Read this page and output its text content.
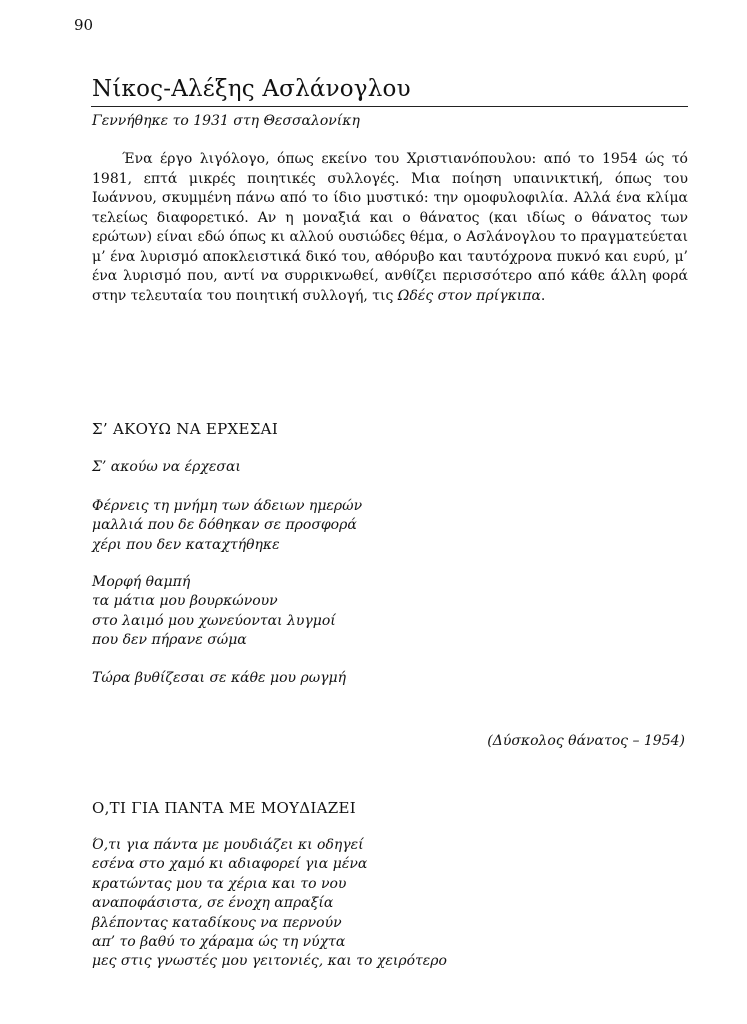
90
Νίκος-Αλέξης Ασλάνογλου
Γεννήθηκε το 1931 στη Θεσσαλονίκη
Ένα έργο λιγόλογο, όπως εκείνο του Χριστιανόπουλου: από το 1954 ώς τό 1981, επτά μικρές ποιητικές συλλογές. Μια ποίηση υπαινικτική, όπως του Ιωάννου, σκυμμένη πάνω από το ίδιο μυστικό: την ομοφυλοφιλία. Αλλά ένα κλίμα τελείως διαφορετικό. Αν η μοναξιά και ο θάνατος (και ιδίως ο θάνατος των ερώτων) είναι εδώ όπως κι αλλού ουσιώδες θέμα, ο Ασλάνογλου το πραγματεύεται μ’ ένα λυρισμό αποκλειστικά δικό του, αθόρυβο και ταυτόχρονα πυκνό και ευρύ, μ’ ένα λυρισμό που, αντί να συρρικνωθεί, ανθίζει περισσότερο από κάθε άλλη φορά στην τελευταία του ποιητική συλλογή, τις Ωδές στον πρίγκιπα.
Σ’ ΑΚΟΥΩ ΝΑ ΕΡΧΕΣΑΙ
Σ’ ακούω να έρχεσαι
Φέρνεις τη μνήμη των άδειων ημερών
μαλλιά που δε δόθηκαν σε προσφορά
χέρι που δεν καταχτήθηκε
Μορφή θαμπή
τα μάτια μου βουρκώνουν
στο λαιμό μου χωνεύονται λυγμοί
που δεν πήρανε σώμα
Τώρα βυθίζεσαι σε κάθε μου ρωγμή
(Δύσκολος θάνατος – 1954)
Ο,ΤΙ ΓΙΑ ΠΑΝΤΑ ΜΕ ΜΟΥΔΙΑΖΕΙ
Ό,τι για πάντα με μουδιάζει κι οδηγεί
εσένα στο χαμό κι αδιαφορεί για μένα
κρατώντας μου τα χέρια και το νου
αναποφάσιστα, σε ένοχη απραξία
βλέποντας καταδίκους να περνούν
απ’ το βαθύ το χάραμα ώς τη νύχτα
μες στις γνωστές μου γειτονιές, και το χειρότερο
